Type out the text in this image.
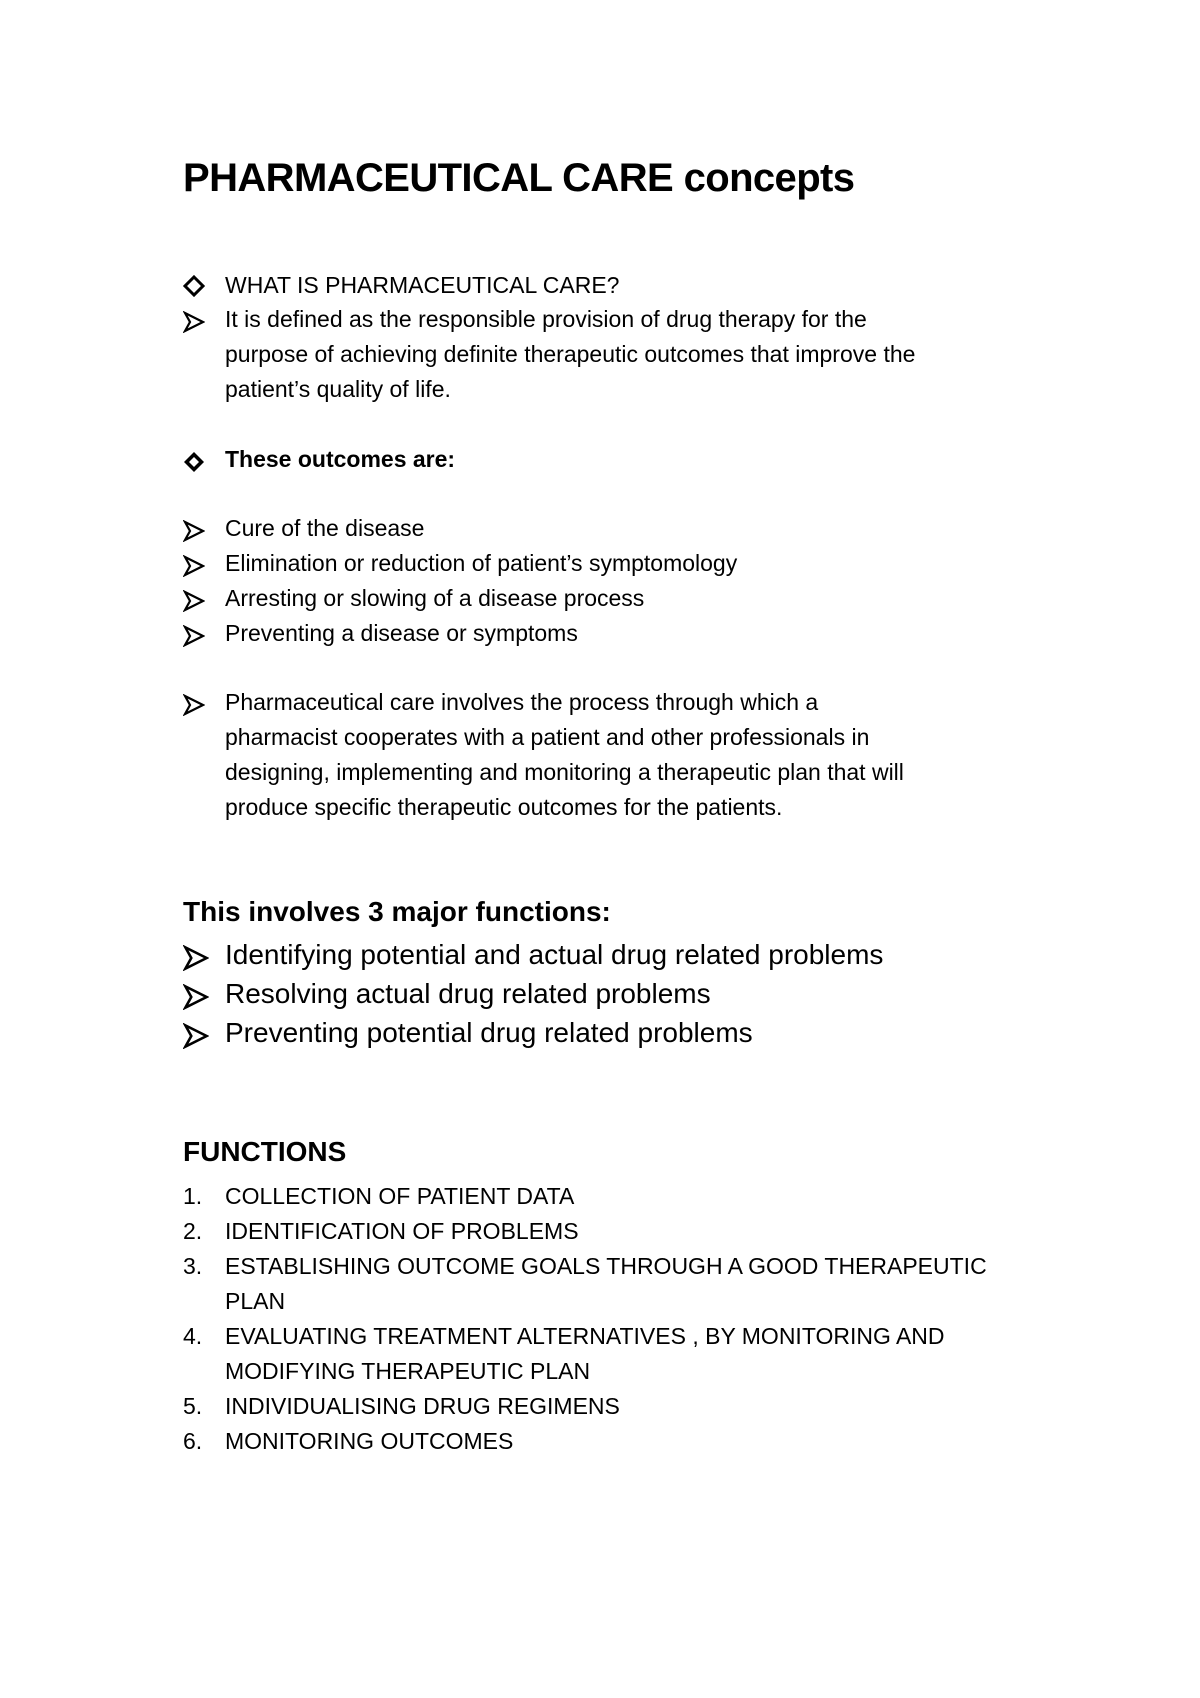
PHARMACEUTICAL CARE concepts
WHAT IS PHARMACEUTICAL CARE?
It is defined as the responsible provision of drug therapy for the
purpose of achieving definite therapeutic outcomes that improve the
patient’s quality of life.
These outcomes are:
Cure of the disease
Elimination or reduction of patient’s symptomology
Arresting or slowing of a disease process
Preventing a disease or symptoms
Pharmaceutical care involves the process through which a
pharmacist cooperates with a patient and other professionals in
designing, implementing and monitoring a therapeutic plan that will
produce specific therapeutic outcomes for the patients.
This involves 3 major functions:
Identifying potential and actual drug related problems
Resolving actual drug related problems
Preventing potential drug related problems
FUNCTIONS
1. COLLECTION OF PATIENT DATA
2. IDENTIFICATION OF PROBLEMS
3. ESTABLISHING OUTCOME GOALS THROUGH A GOOD THERAPEUTIC
PLAN
4. EVALUATING TREATMENT ALTERNATIVES , BY MONITORING AND
MODIFYING THERAPEUTIC PLAN
5. INDIVIDUALISING DRUG REGIMENS
6. MONITORING OUTCOMES
